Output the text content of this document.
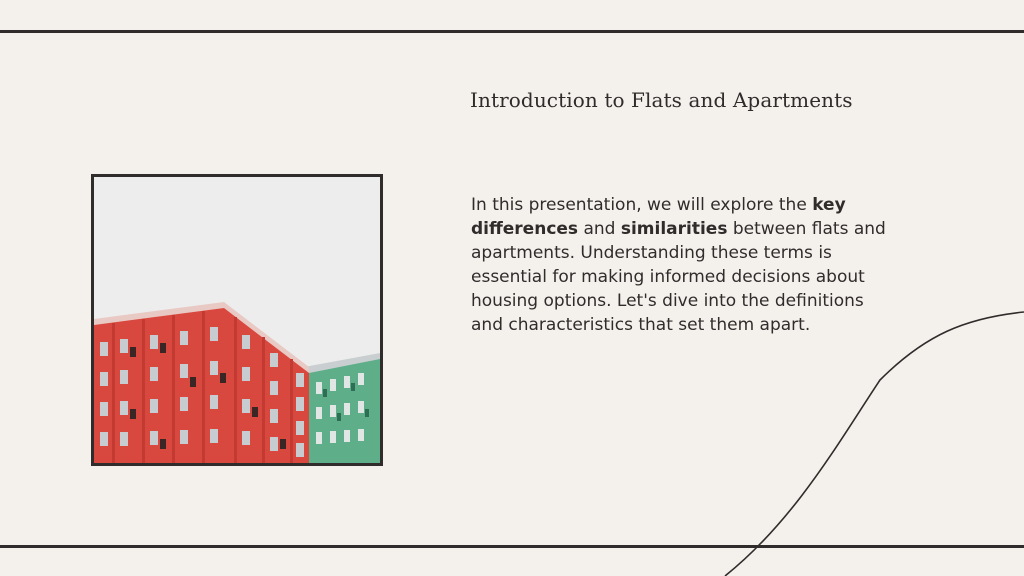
Introduction to Flats and Apartments

In this presentation, we will explore the key differences and similarities between flats and apartments. Understanding these terms is essential for making informed decisions about housing options. Let's dive into the definitions and characteristics that set them apart.
